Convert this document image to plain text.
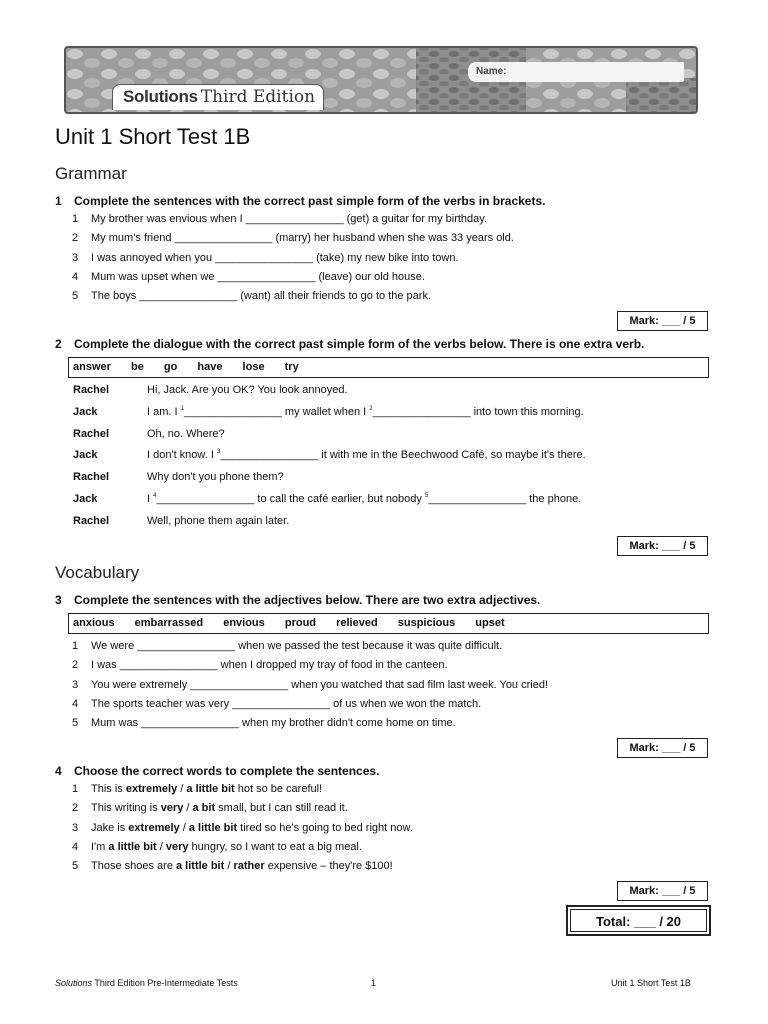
Name:
Solutions Third Edition
Unit 1 Short Test 1B
Grammar
1 Complete the sentences with the correct past simple form of the verbs in brackets.
1 My brother was envious when I ________________ (get) a guitar for my birthday.
2 My mum’s friend ________________ (marry) her husband when she was 33 years old.
3 I was annoyed when you ________________ (take) my new bike into town.
4 Mum was upset when we ________________ (leave) our old house.
5 The boys ________________ (want) all their friends to go to the park.
Mark: ___ / 5
2 Complete the dialogue with the correct past simple form of the verbs below. There is one extra verb.
answer be go have lose try
Rachel	Hi, Jack. Are you OK? You look annoyed.
Jack	I am. I $^1$________________ my wallet when I $^2$________________ into town this morning.
Rachel	Oh, no. Where?
Jack	I don't know. I $^3$________________ it with me in the Beechwood Café, so maybe it's there.
Rachel	Why don't you phone them?
Jack	I $^4$________________ to call the café earlier, but nobody $^5$________________ the phone.
Rachel	Well, phone them again later.
Mark: ___ / 5
Vocabulary
3 Complete the sentences with the adjectives below. There are two extra adjectives.
anxious embarrassed envious proud relieved suspicious upset
1 We were ________________ when we passed the test because it was quite difficult.
2 I was ________________ when I dropped my tray of food in the canteen.
3 You were extremely ________________ when you watched that sad film last week. You cried!
4 The sports teacher was very ________________ of us when we won the match.
5 Mum was ________________ when my brother didn't come home on time.
Mark: ___ / 5
4 Choose the correct words to complete the sentences.
1 This is extremely / a little bit hot so be careful!
2 This writing is very / a bit small, but I can still read it.
3 Jake is extremely / a little bit tired so he's going to bed right now.
4 I'm a little bit / very hungry, so I want to eat a big meal.
5 Those shoes are a little bit / rather expensive – they're $100!
Mark: ___ / 5
Total: ___ / 20
Solutions Third Edition Pre-Intermediate Tests	1	Unit 1 Short Test 1B
